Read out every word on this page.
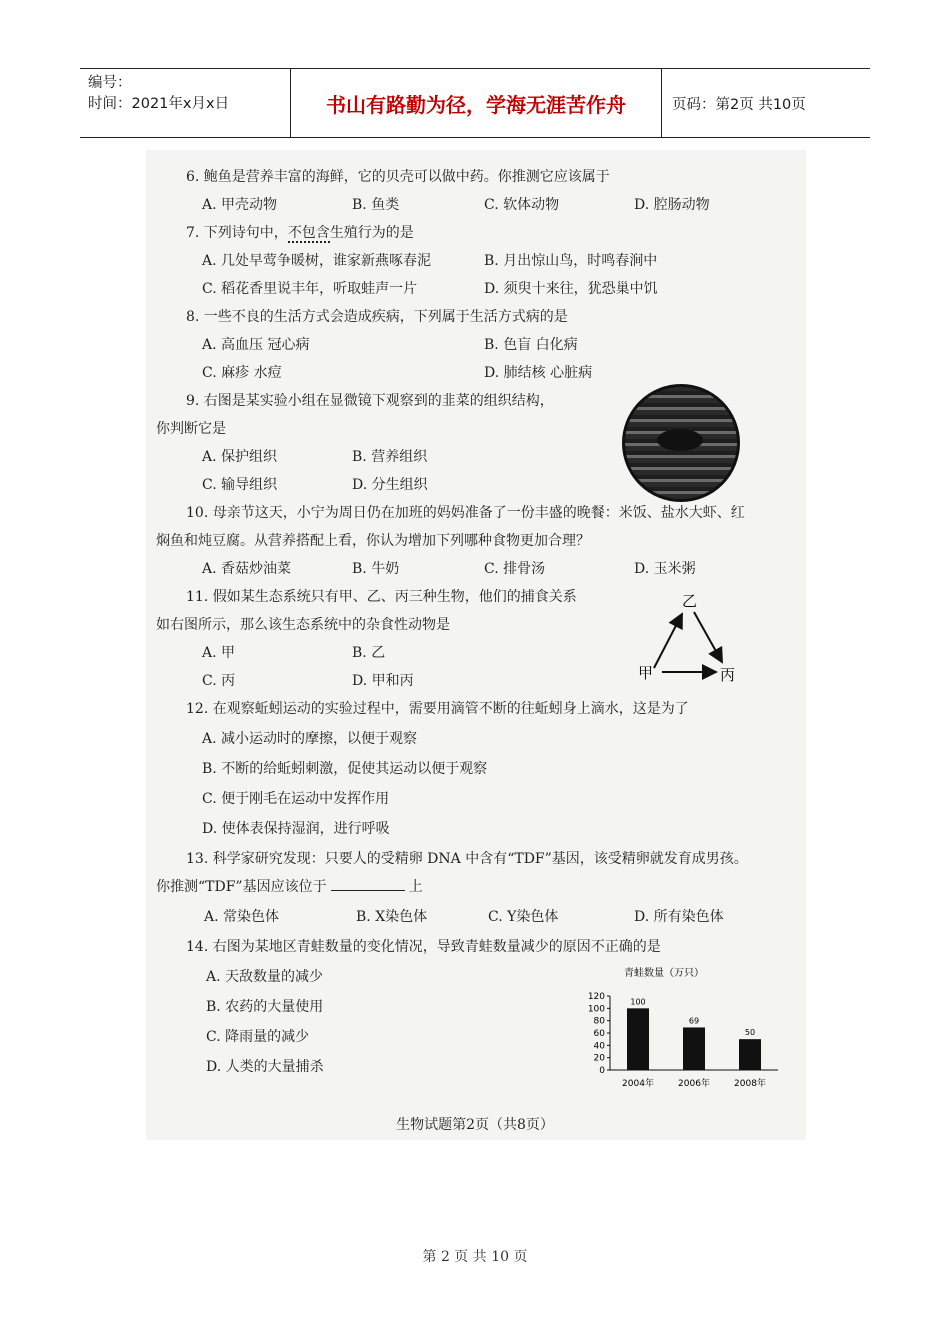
编号：
时间：2021年x月x日	书山有路勤为径，学海无涯苦作舟	页码：第2页 共10页
6. 鲍鱼是营养丰富的海鲜，它的贝壳可以做中药。你推测它应该属于
A. 甲壳动物	B. 鱼类	C. 软体动物	D. 腔肠动物
7. 下列诗句中，不包含生殖行为的是
A. 几处早莺争暖树，谁家新燕啄春泥	B. 月出惊山鸟，时鸣春涧中
C. 稻花香里说丰年，听取蛙声一片	D. 须臾十来往，犹恐巢中饥
8. 一些不良的生活方式会造成疾病，下列属于生活方式病的是
A. 高血压 冠心病	B. 色盲 白化病
C. 麻疹 水痘	D. 肺结核 心脏病
9. 右图是某实验小组在显微镜下观察到的韭菜的组织结构，
你判断它是
A. 保护组织	B. 营养组织
C. 输导组织	D. 分生组织
10. 母亲节这天，小宁为周日仍在加班的妈妈准备了一份丰盛的晚餐：米饭、盐水大虾、红
焖鱼和炖豆腐。从营养搭配上看，你认为增加下列哪种食物更加合理？
A. 香菇炒油菜	B. 牛奶	C. 排骨汤	D. 玉米粥
11. 假如某生态系统只有甲、乙、丙三种生物，他们的捕食关系
如右图所示，那么该生态系统中的杂食性动物是
A. 甲	B. 乙
C. 丙	D. 甲和丙
乙
甲	丙
12. 在观察蚯蚓运动的实验过程中，需要用滴管不断的往蚯蚓身上滴水，这是为了
A. 减小运动时的摩擦，以便于观察
B. 不断的给蚯蚓刺激，促使其运动以便于观察
C. 便于刚毛在运动中发挥作用
D. 使体表保持湿润，进行呼吸
13. 科学家研究发现：只要人的受精卵 DNA 中含有“TDF”基因，该受精卵就发育成男孩。
你推测“TDF”基因应该位于	上
A. 常染色体	B. X染色体	C. Y染色体	D. 所有染色体
14. 右图为某地区青蛙数量的变化情况，导致青蛙数量减少的原因不正确的是
A. 天敌数量的减少
B. 农药的大量使用
C. 降雨量的减少
D. 人类的大量捕杀
青蛙数量（万只）
0
20
40
60
80
100
120	100
2004年
69
2006年
50
2008年
生物试题第2页（共8页）
第 2 页 共 10 页
